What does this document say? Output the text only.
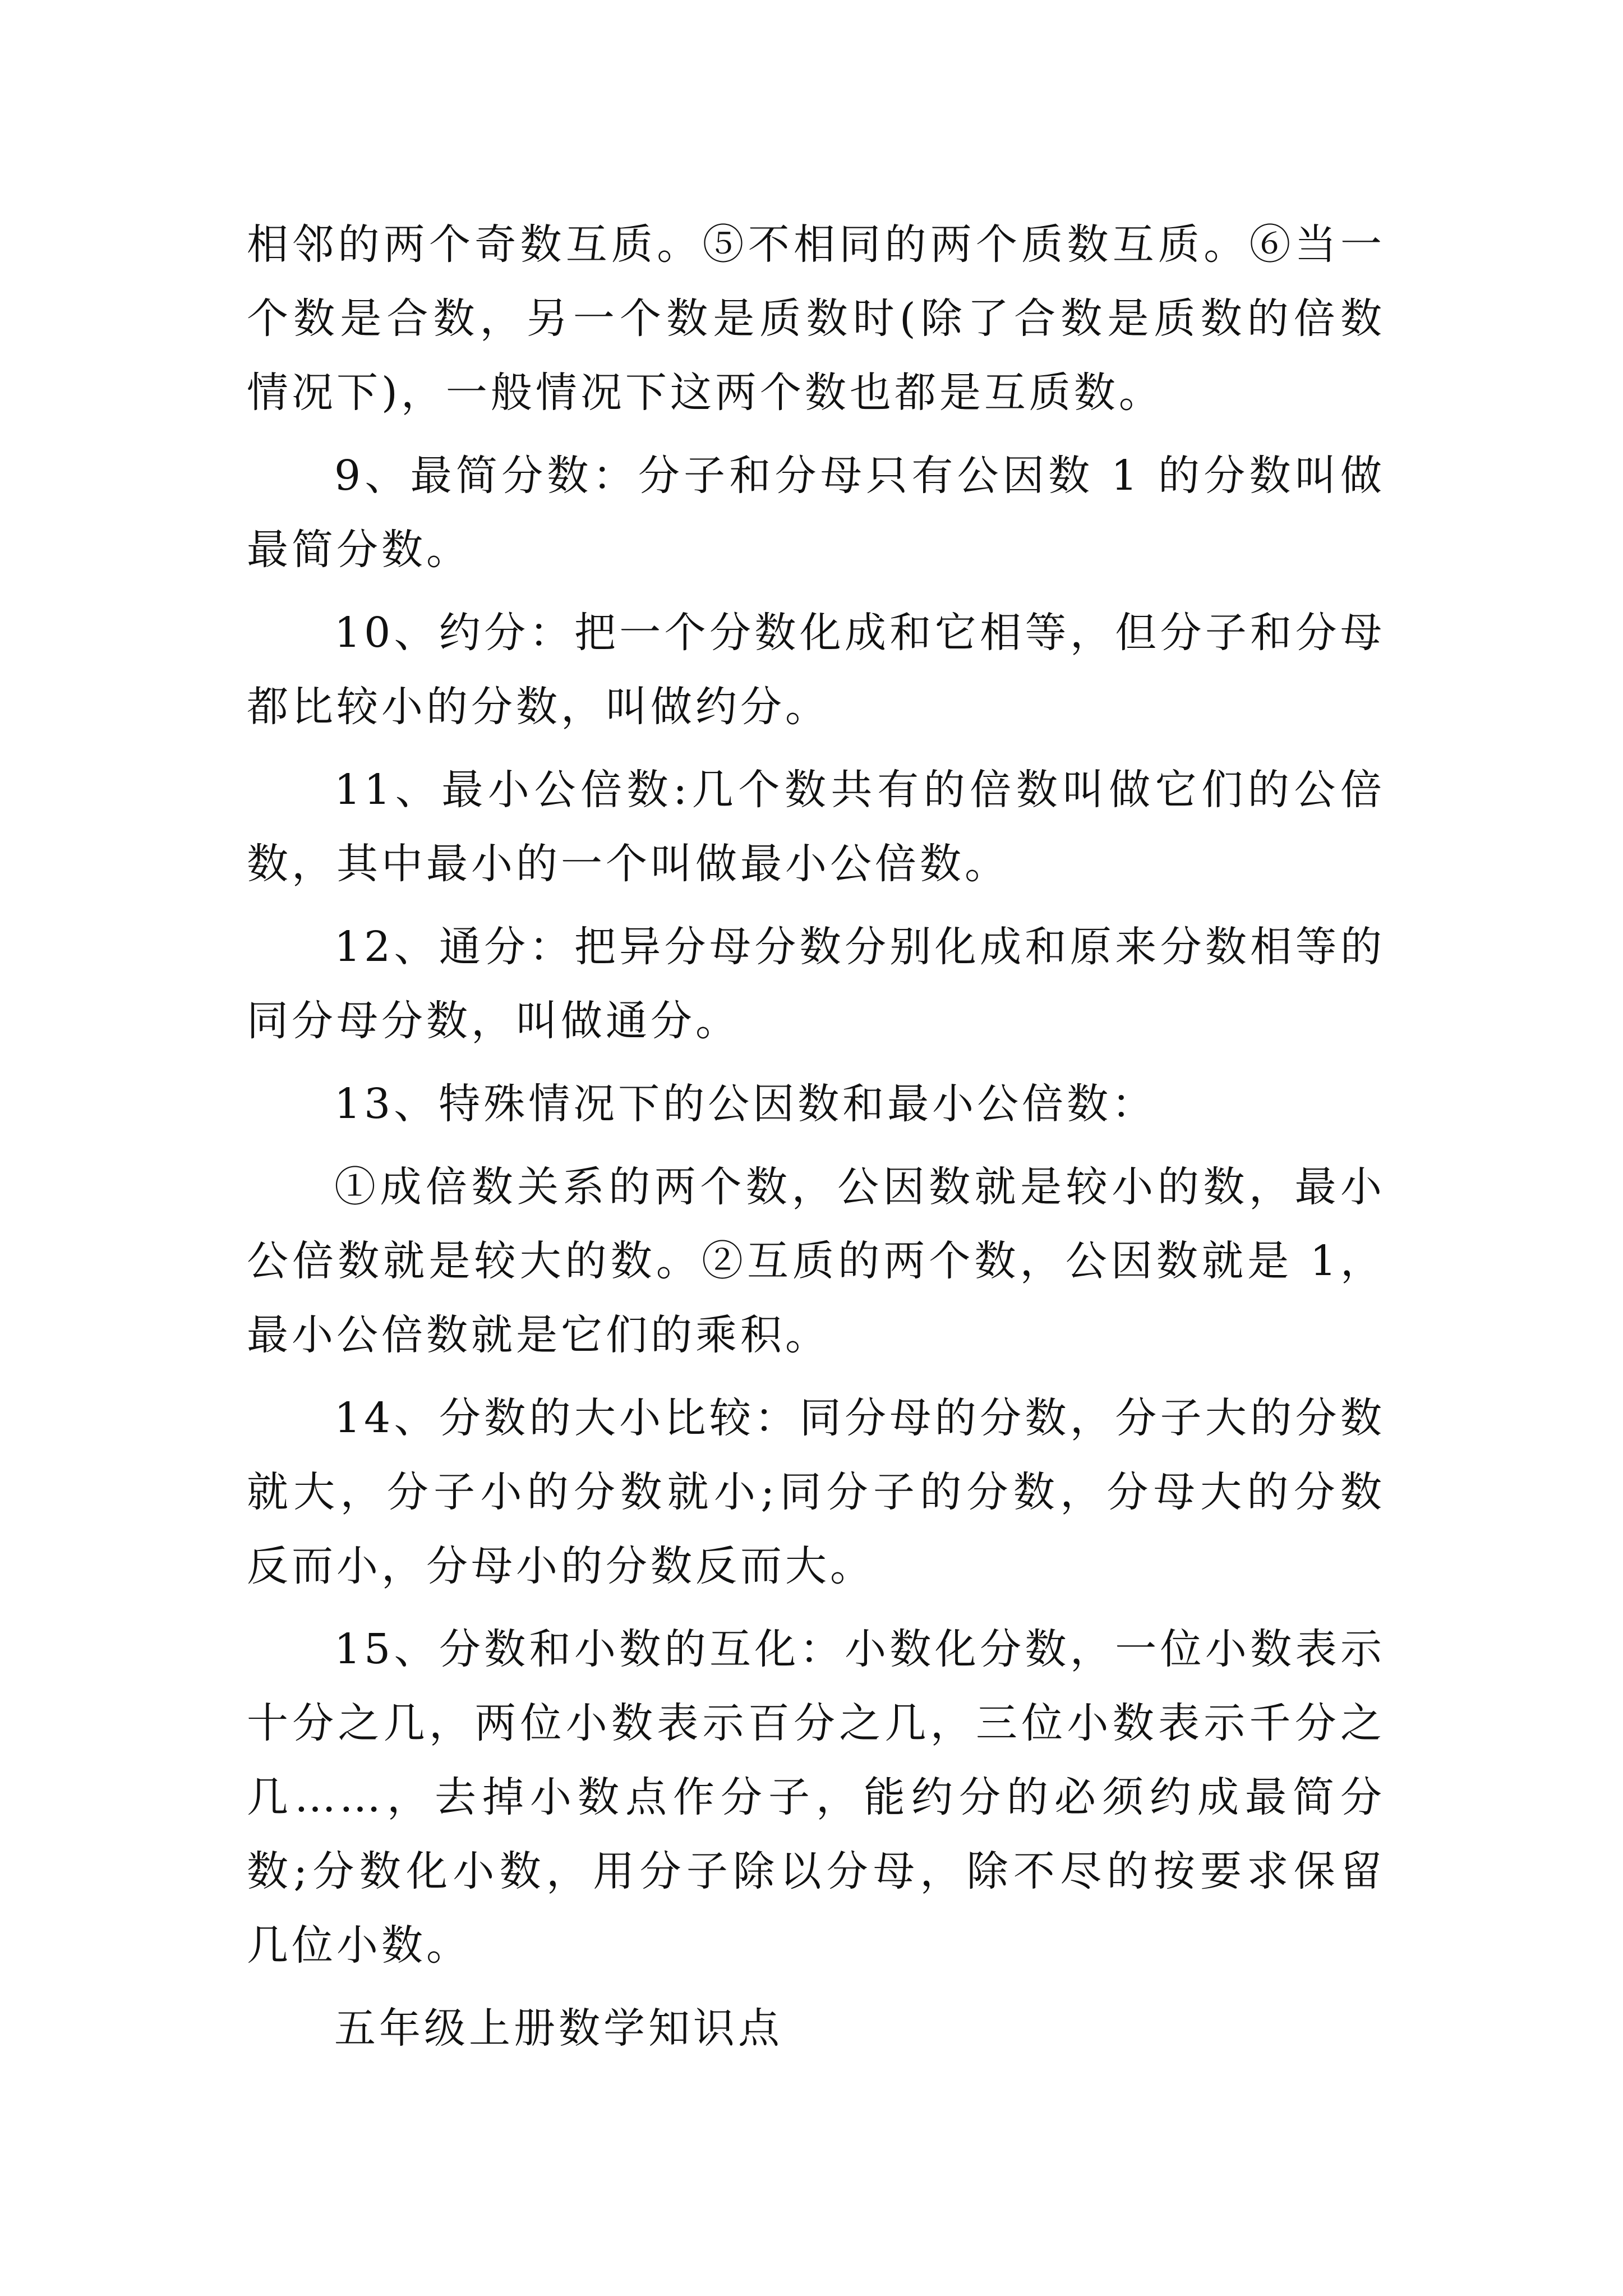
相邻的两个奇数互质。⑤不相同的两个质数互质。⑥当一个数是合数，另一个数是质数时(除了合数是质数的倍数情况下)，一般情况下这两个数也都是互质数。

9、最简分数：分子和分母只有公因数 1 的分数叫做最简分数。

10、约分：把一个分数化成和它相等，但分子和分母都比较小的分数，叫做约分。

11、最小公倍数:几个数共有的倍数叫做它们的公倍数，其中最小的一个叫做最小公倍数。

12、通分：把异分母分数分别化成和原来分数相等的同分母分数，叫做通分。

13、特殊情况下的公因数和最小公倍数：

①成倍数关系的两个数，公因数就是较小的数，最小公倍数就是较大的数。②互质的两个数，公因数就是 1，最小公倍数就是它们的乘积。

14、分数的大小比较：同分母的分数，分子大的分数就大，分子小的分数就小;同分子的分数，分母大的分数反而小，分母小的分数反而大。

15、分数和小数的互化：小数化分数，一位小数表示十分之几，两位小数表示百分之几，三位小数表示千分之几……，去掉小数点作分子，能约分的必须约成最简分数;分数化小数，用分子除以分母，除不尽的按要求保留几位小数。

五年级上册数学知识点
